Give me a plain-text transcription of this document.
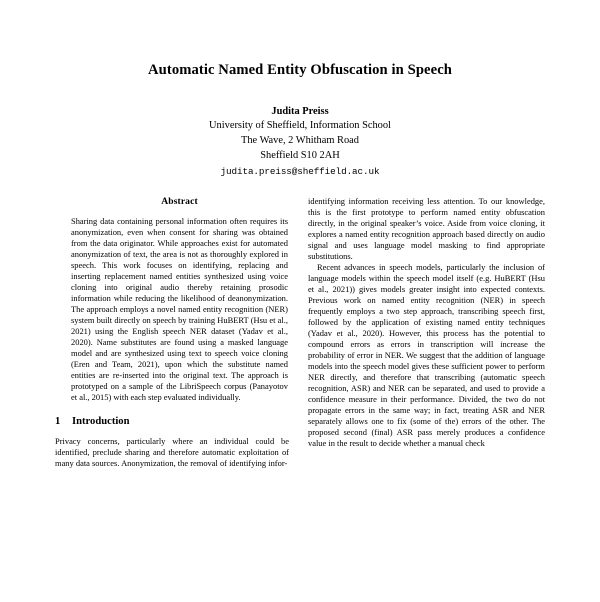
Automatic Named Entity Obfuscation in Speech
Judita Preiss
University of Sheffield, Information School
The Wave, 2 Whitham Road
Sheffield S10 2AH
judita.preiss@sheffield.ac.uk
Abstract

Sharing data containing personal information often requires its anonymization, even when consent for sharing was obtained from the data originator. While approaches exist for automated anonymization of text, the area is not as thoroughly explored in speech. This work focuses on identifying, replacing and inserting replacement named entities synthesized using voice cloning into original audio thereby retaining prosodic information while reducing the likelihood of deanonymization. The approach employs a novel named entity recognition (NER) system built directly on speech by training HuBERT (Hsu et al., 2021) using the English speech NER dataset (Yadav et al., 2020). Name substitutes are found using a masked language model and are synthesized using text to speech voice cloning (Eren and Team, 2021), upon which the substitute named entities are re-inserted into the original text. The approach is prototyped on a sample of the LibriSpeech corpus (Panayotov et al., 2015) with each step evaluated individually.

1 Introduction

Privacy concerns, particularly where an individual could be identified, preclude sharing and therefore automatic exploitation of many data sources. Anonymization, the removal of identifying infor-

identifying information receiving less attention. To our knowledge, this is the first prototype to perform named entity obfuscation directly, in the original speaker’s voice. Aside from voice cloning, it explores a named entity recognition approach based directly on audio signal and uses language model masking to find appropriate substitutions.

Recent advances in speech models, particularly the inclusion of language models within the speech model itself (e.g. HuBERT (Hsu et al., 2021)) gives models greater insight into expected contexts. Previous work on named entity recognition (NER) in speech frequently employs a two step approach, transcribing speech first, followed by the application of existing named entity techniques (Yadav et al., 2020). However, this process has the potential to compound errors as errors in transcription will increase the probability of error in NER. We suggest that the addition of language models into the speech model gives these sufficient power to perform NER directly, and therefore that transcribing (automatic speech recognition, ASR) and NER can be separated, and used to provide a confidence measure in their performance. Divided, the two do not propagate errors in the same way; in fact, treating ASR and NER separately allows one to fix (some of the) errors of the other. The proposed second (final) ASR pass merely produces a confidence value in the result to decide whether a manual check
